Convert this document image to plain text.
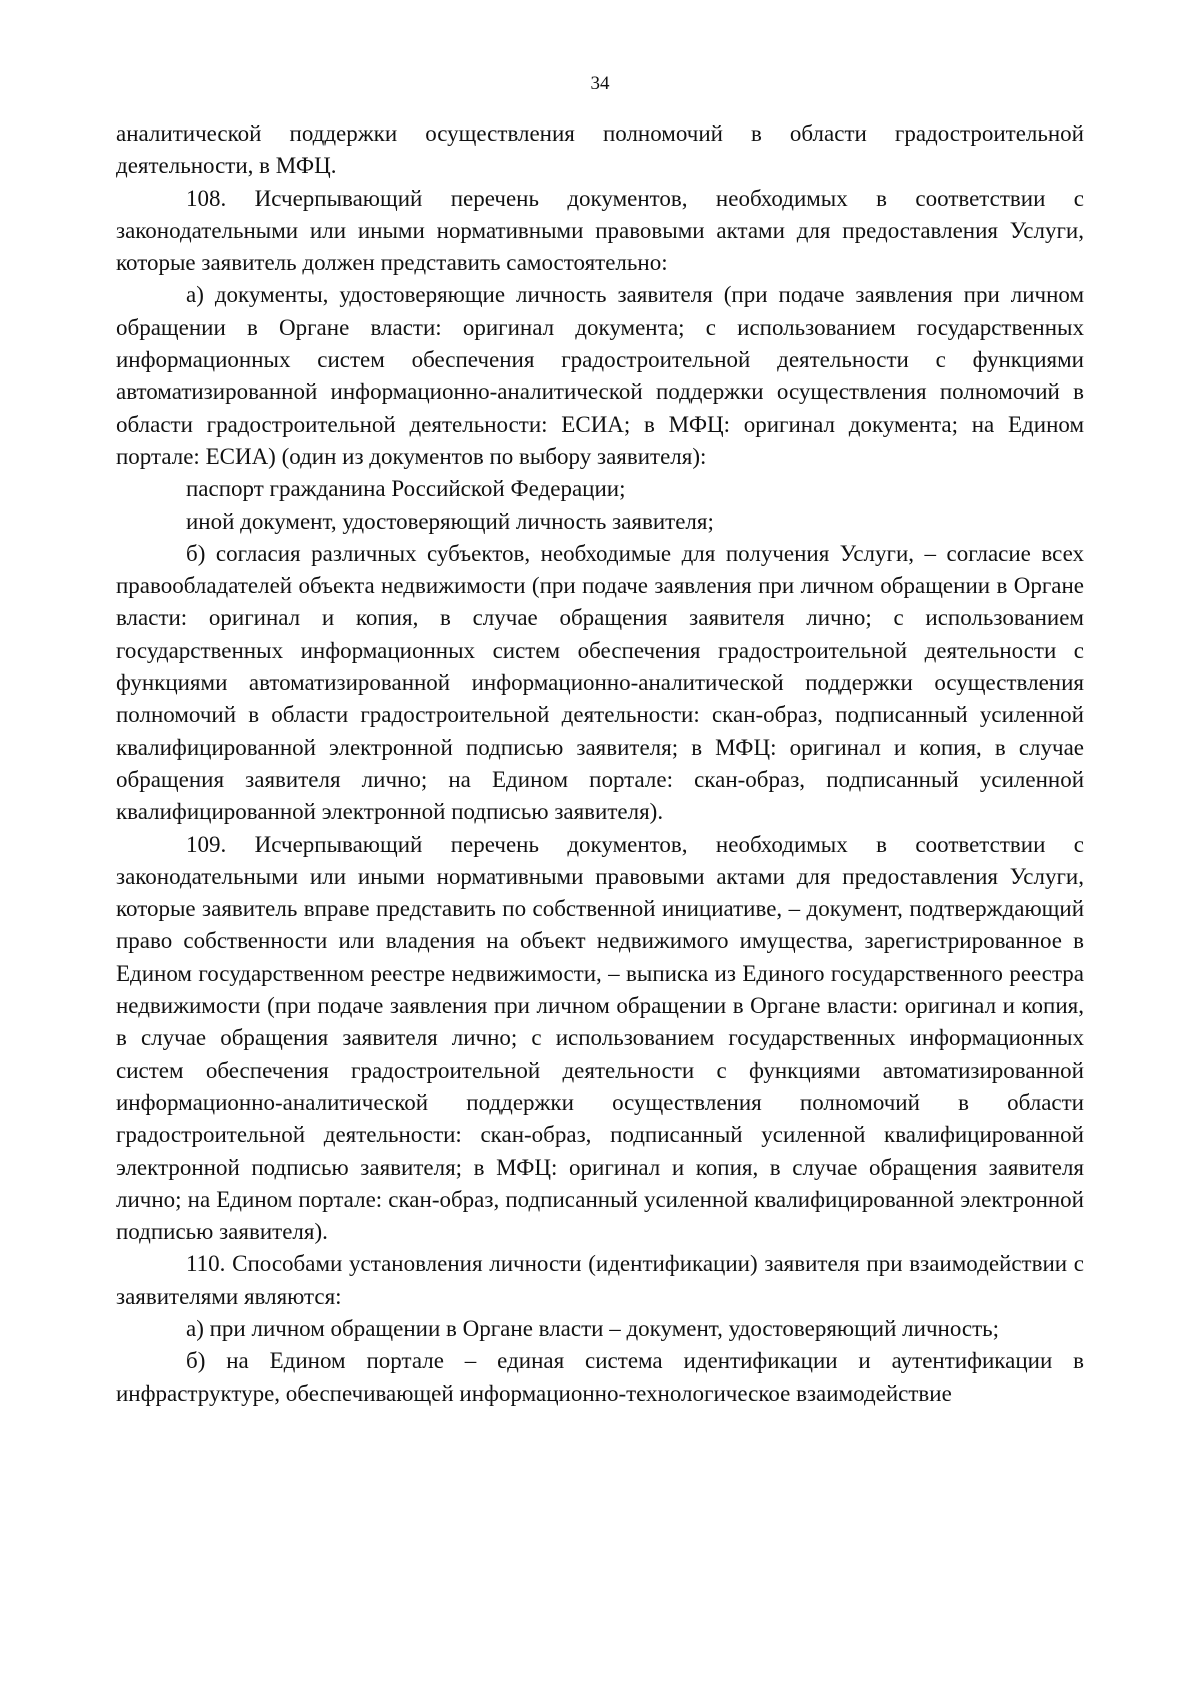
34

аналитической поддержки осуществления полномочий в области градостроительной деятельности, в МФЦ.

108. Исчерпывающий перечень документов, необходимых в соответствии с законодательными или иными нормативными правовыми актами для предоставления Услуги, которые заявитель должен представить самостоятельно:

а) документы, удостоверяющие личность заявителя (при подаче заявления при личном обращении в Органе власти: оригинал документа; с использованием государственных информационных систем обеспечения градостроительной деятельности с функциями автоматизированной информационно-аналитической поддержки осуществления полномочий в области градостроительной деятельности: ЕСИА; в МФЦ: оригинал документа; на Едином портале: ЕСИА) (один из документов по выбору заявителя):

паспорт гражданина Российской Федерации;

иной документ, удостоверяющий личность заявителя;

б) согласия различных субъектов, необходимые для получения Услуги, – согласие всех правообладателей объекта недвижимости (при подаче заявления при личном обращении в Органе власти: оригинал и копия, в случае обращения заявителя лично; с использованием государственных информационных систем обеспечения градостроительной деятельности с функциями автоматизированной информационно-аналитической поддержки осуществления полномочий в области градостроительной деятельности: скан-образ, подписанный усиленной квалифицированной электронной подписью заявителя; в МФЦ: оригинал и копия, в случае обращения заявителя лично; на Едином портале: скан-образ, подписанный усиленной квалифицированной электронной подписью заявителя).

109. Исчерпывающий перечень документов, необходимых в соответствии с законодательными или иными нормативными правовыми актами для предоставления Услуги, которые заявитель вправе представить по собственной инициативе, – документ, подтверждающий право собственности или владения на объект недвижимого имущества, зарегистрированное в Едином государственном реестре недвижимости, – выписка из Единого государственного реестра недвижимости (при подаче заявления при личном обращении в Органе власти: оригинал и копия, в случае обращения заявителя лично; с использованием государственных информационных систем обеспечения градостроительной деятельности с функциями автоматизированной информационно-аналитической поддержки осуществления полномочий в области градостроительной деятельности: скан-образ, подписанный усиленной квалифицированной электронной подписью заявителя; в МФЦ: оригинал и копия, в случае обращения заявителя лично; на Едином портале: скан-образ, подписанный усиленной квалифицированной электронной подписью заявителя).

110. Способами установления личности (идентификации) заявителя при взаимодействии с заявителями являются:

а) при личном обращении в Органе власти – документ, удостоверяющий личность;

б) на Едином портале – единая система идентификации и аутентификации в инфраструктуре, обеспечивающей информационно-технологическое взаимодействие
